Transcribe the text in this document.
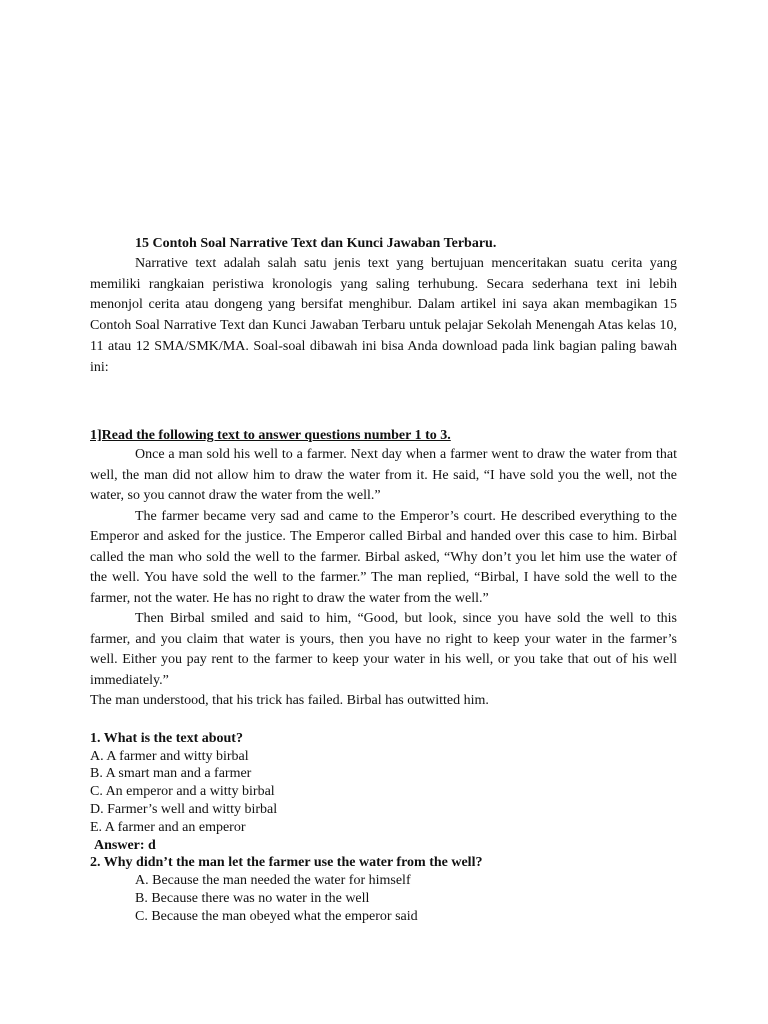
15 Contoh Soal Narrative Text dan Kunci Jawaban Terbaru.

Narrative text adalah salah satu jenis text yang bertujuan menceritakan suatu cerita yang memiliki rangkaian peristiwa kronologis yang saling terhubung. Secara sederhana text ini lebih menonjol cerita atau dongeng yang bersifat menghibur. Dalam artikel ini saya akan membagikan 15 Contoh Soal Narrative Text dan Kunci Jawaban Terbaru untuk pelajar Sekolah Menengah Atas kelas 10, 11 atau 12 SMA/SMK/MA. Soal-soal dibawah ini bisa Anda download pada link bagian paling bawah ini:

1]Read the following text to answer questions number 1 to 3.

Once a man sold his well to a farmer. Next day when a farmer went to draw the water from that well, the man did not allow him to draw the water from it. He said, “I have sold you the well, not the water, so you cannot draw the water from the well.”

The farmer became very sad and came to the Emperor’s court. He described everything to the Emperor and asked for the justice. The Emperor called Birbal and handed over this case to him. Birbal called the man who sold the well to the farmer. Birbal asked, “Why don’t you let him use the water of the well. You have sold the well to the farmer.” The man replied, “Birbal, I have sold the well to the farmer, not the water. He has no right to draw the water from the well.”

Then Birbal smiled and said to him, “Good, but look, since you have sold the well to this farmer, and you claim that water is yours, then you have no right to keep your water in the farmer’s well. Either you pay rent to the farmer to keep your water in his well, or you take that out of his well immediately.”

The man understood, that his trick has failed. Birbal has outwitted him.

1. What is the text about?
A. A farmer and witty birbal
B. A smart man and a farmer
C. An emperor and a witty birbal
D. Farmer’s well and witty birbal
E. A farmer and an emperor
Answer: d
2. Why didn’t the man let the farmer use the water from the well?
A. Because the man needed the water for himself
B. Because there was no water in the well
C. Because the man obeyed what the emperor said
